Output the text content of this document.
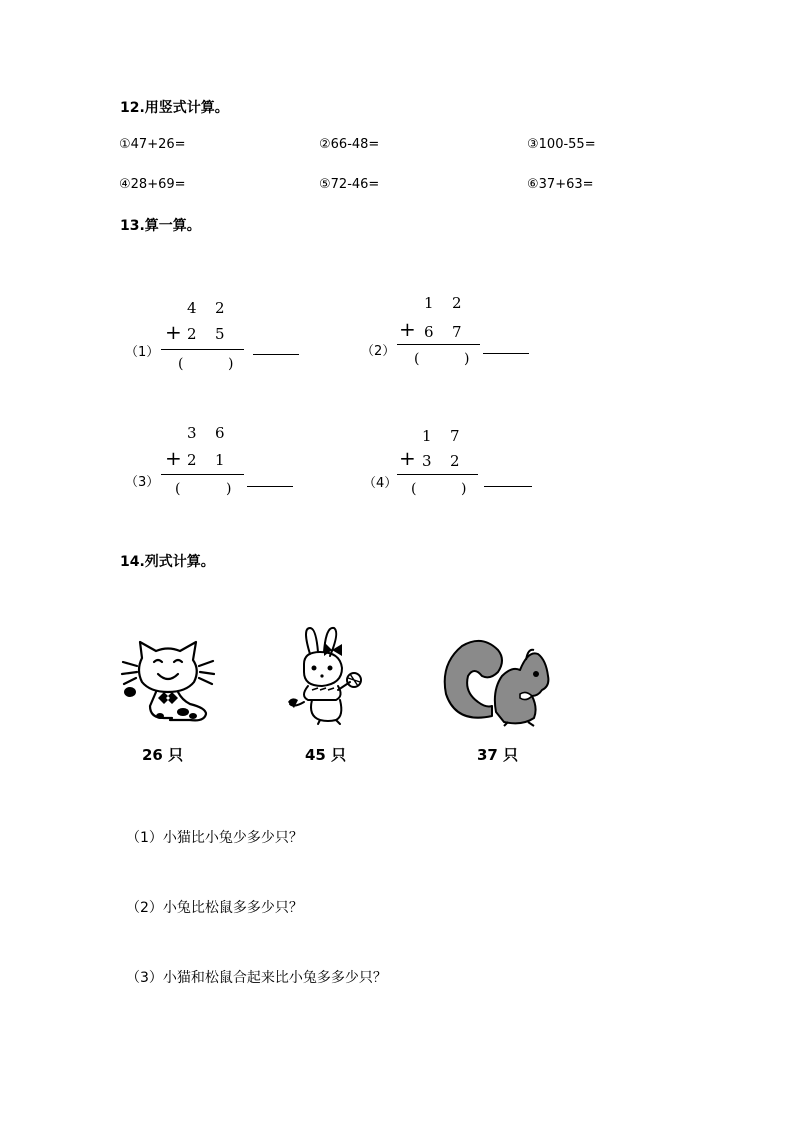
12.用竖式计算。
①47+26=	②66-48=	③100-55=
④28+69=	⑤72-46=	⑥37+63=
13.算一算。
（1）
4 2
+ 2 5
(	)
（2）
1 2
+ 6 7
(	)
（3）
3 6
+ 2 1
(	)	（4）
1 7
+ 3 2
(	)
14.列式计算。
26 只	45 只	37 只
（1）小猫比小兔少多少只？
（2）小兔比松鼠多多少只？
（3）小猫和松鼠合起来比小兔多多少只？
